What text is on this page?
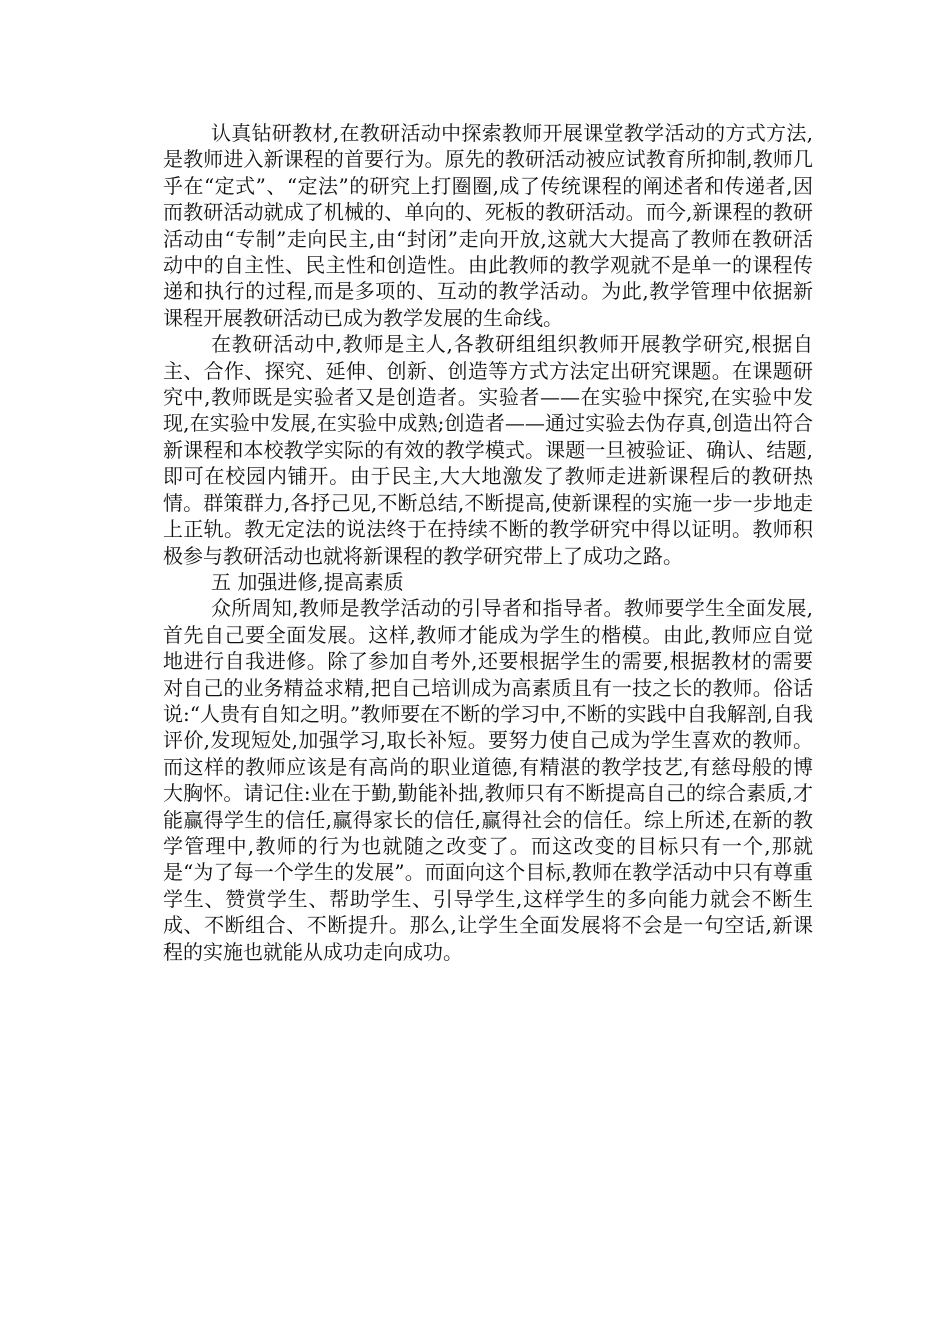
认真钻研教材,在教研活动中探索教师开展课堂教学活动的方式方法,是教师进入新课程的首要行为。原先的教研活动被应试教育所抑制,教师几乎在“定式”、“定法”的研究上打圈圈,成了传统课程的阐述者和传递者,因而教研活动就成了机械的、单向的、死板的教研活动。而今,新课程的教研活动由“专制”走向民主,由“封闭”走向开放,这就大大提高了教师在教研活动中的自主性、民主性和创造性。由此教师的教学观就不是单一的课程传递和执行的过程,而是多项的、互动的教学活动。为此,教学管理中依据新课程开展教研活动已成为教学发展的生命线。

在教研活动中,教师是主人,各教研组组织教师开展教学研究,根据自主、合作、探究、延伸、创新、创造等方式方法定出研究课题。在课题研究中,教师既是实验者又是创造者。实验者——在实验中探究,在实验中发现,在实验中发展,在实验中成熟;创造者——通过实验去伪存真,创造出符合新课程和本校教学实际的有效的教学模式。课题一旦被验证、确认、结题,即可在校园内铺开。由于民主,大大地激发了教师走进新课程后的教研热情。群策群力,各抒己见,不断总结,不断提高,使新课程的实施一步一步地走上正轨。教无定法的说法终于在持续不断的教学研究中得以证明。教师积极参与教研活动也就将新课程的教学研究带上了成功之路。

五 加强进修,提高素质

众所周知,教师是教学活动的引导者和指导者。教师要学生全面发展,首先自己要全面发展。这样,教师才能成为学生的楷模。由此,教师应自觉地进行自我进修。除了参加自考外,还要根据学生的需要,根据教材的需要对自己的业务精益求精,把自己培训成为高素质且有一技之长的教师。俗话说:“人贵有自知之明。”教师要在不断的学习中,不断的实践中自我解剖,自我评价,发现短处,加强学习,取长补短。要努力使自己成为学生喜欢的教师。而这样的教师应该是有高尚的职业道德,有精湛的教学技艺,有慈母般的博大胸怀。请记住:业在于勤,勤能补拙,教师只有不断提高自己的综合素质,才能赢得学生的信任,赢得家长的信任,赢得社会的信任。综上所述,在新的教学管理中,教师的行为也就随之改变了。而这改变的目标只有一个,那就是“为了每一个学生的发展”。而面向这个目标,教师在教学活动中只有尊重学生、赞赏学生、帮助学生、引导学生,这样学生的多向能力就会不断生成、不断组合、不断提升。那么,让学生全面发展将不会是一句空话,新课程的实施也就能从成功走向成功。
